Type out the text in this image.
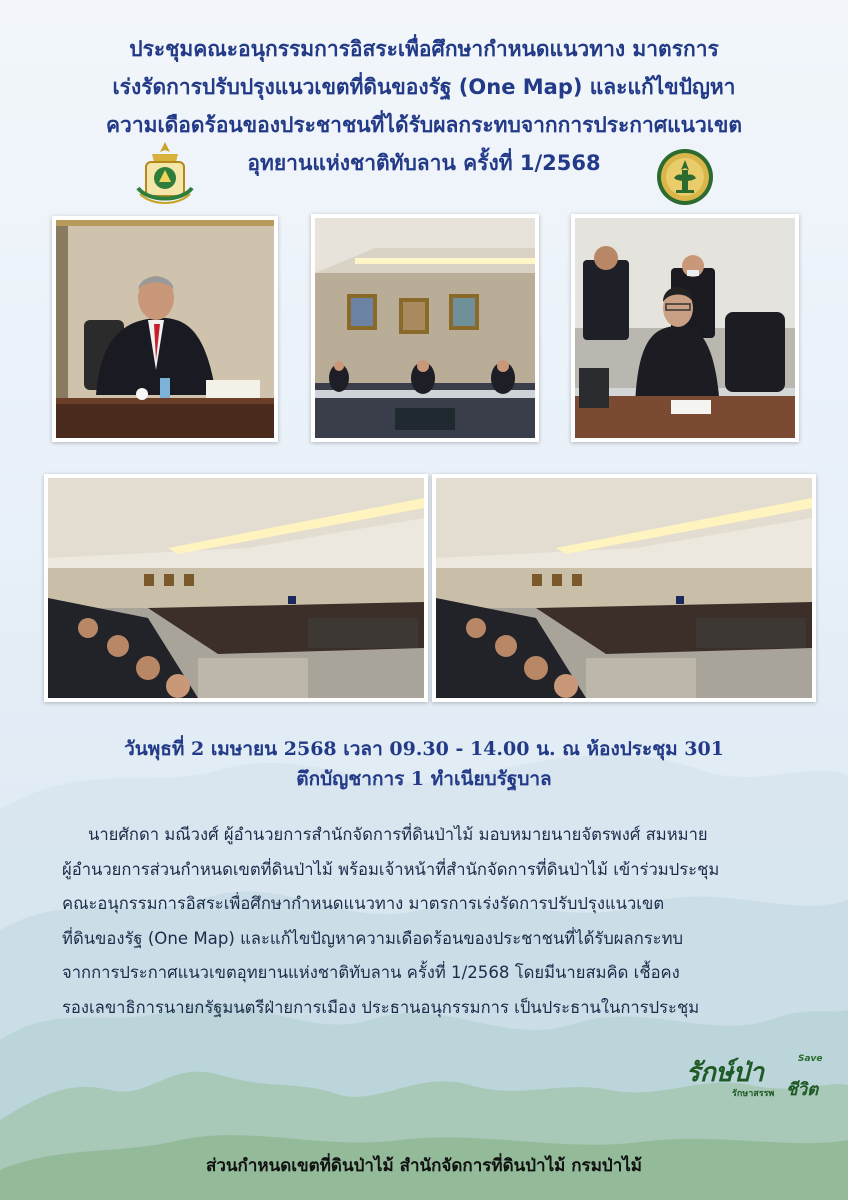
ประชุมคณะอนุกรรมการอิสระเพื่อศึกษากำหนดแนวทาง มาตรการ
เร่งรัดการปรับปรุงแนวเขตที่ดินของรัฐ (One Map) และแก้ไขปัญหา
ความเดือดร้อนของประชาชนที่ได้รับผลกระทบจากการประกาศแนวเขต
อุทยานแห่งชาติทับลาน ครั้งที่ 1/2568
วันพุธที่ 2 เมษายน 2568 เวลา 09.30 - 14.00 น. ณ ห้องประชุม 301
ตึกบัญชาการ 1 ทำเนียบรัฐบาล
นายศักดา มณีวงศ์ ผู้อำนวยการสำนักจัดการที่ดินป่าไม้ มอบหมายนายจัตรพงศ์ สมหมาย
ผู้อำนวยการส่วนกำหนดเขตที่ดินป่าไม้ พร้อมเจ้าหน้าที่สำนักจัดการที่ดินป่าไม้ เข้าร่วมประชุม
คณะอนุกรรมการอิสระเพื่อศึกษากำหนดแนวทาง มาตรการเร่งรัดการปรับปรุงแนวเขต
ที่ดินของรัฐ (One Map) และแก้ไขปัญหาความเดือดร้อนของประชาชนที่ได้รับผลกระทบ
จากการประกาศแนวเขตอุทยานแห่งชาติทับลาน ครั้งที่ 1/2568 โดยมีนายสมคิด เชื้อคง
รองเลขาธิการนายกรัฐมนตรีฝ่ายการเมือง ประธานอนุกรรมการ เป็นประธานในการประชุม
รักษ์ป่า	Save
ชีวิต
รักษาสรรพ
ส่วนกำหนดเขตที่ดินป่าไม้ สำนักจัดการที่ดินป่าไม้ กรมป่าไม้
